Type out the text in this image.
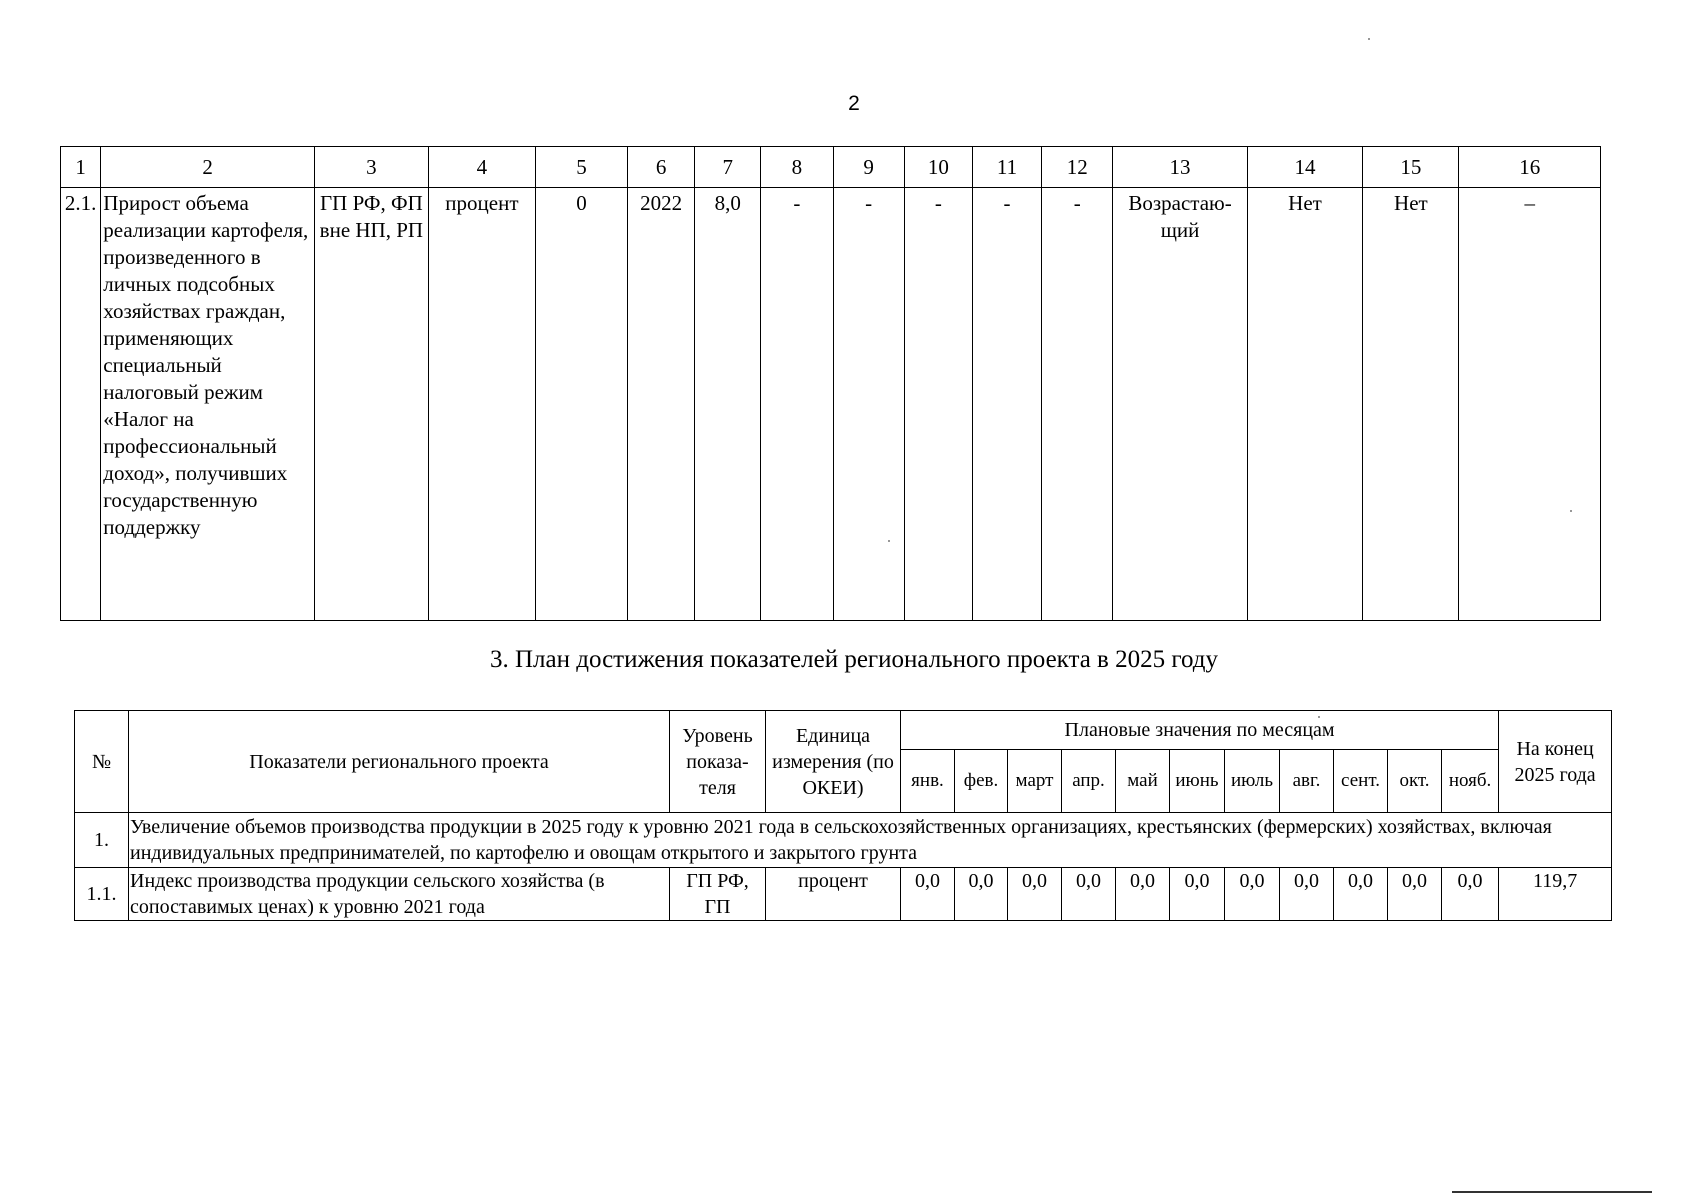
2
1	2	3	4	5	6	7	8	9	10	11	12	13	14	15	16
2.1.	Прирост объема реализации картофеля, произведенного в личных подсобных хозяйствах граждан, применяющих специальный налоговый режим «Налог на профессиональный доход», получивших государственную поддержку	ГП РФ, ФП вне НП, РП	процент	0	2022	8,0	-	-	-	-	-	Возрастаю-щий	Нет	Нет	–
3. План достижения показателей регионального проекта в 2025 году
№	Показатели регионального проекта	Уровень показа-теля	Единица измерения (по ОКЕИ)	Плановые значения по месяцам											На конец 2025 года
				янв.	фев.	март	апр.	май	июнь	июль	авг.	сент.	окт.	нояб.	
1.	Увеличение объемов производства продукции в 2025 году к уровню 2021 года в сельскохозяйственных организациях, крестьянских (фермерских) хозяйствах, включая индивидуальных предпринимателей, по картофелю и овощам открытого и закрытого грунта														
1.1.	Индекс производства продукции сельского хозяйства (в сопоставимых ценах) к уровню 2021 года	ГП РФ, ГП	процент	0,0	0,0	0,0	0,0	0,0	0,0	0,0	0,0	0,0	0,0	0,0	119,7
